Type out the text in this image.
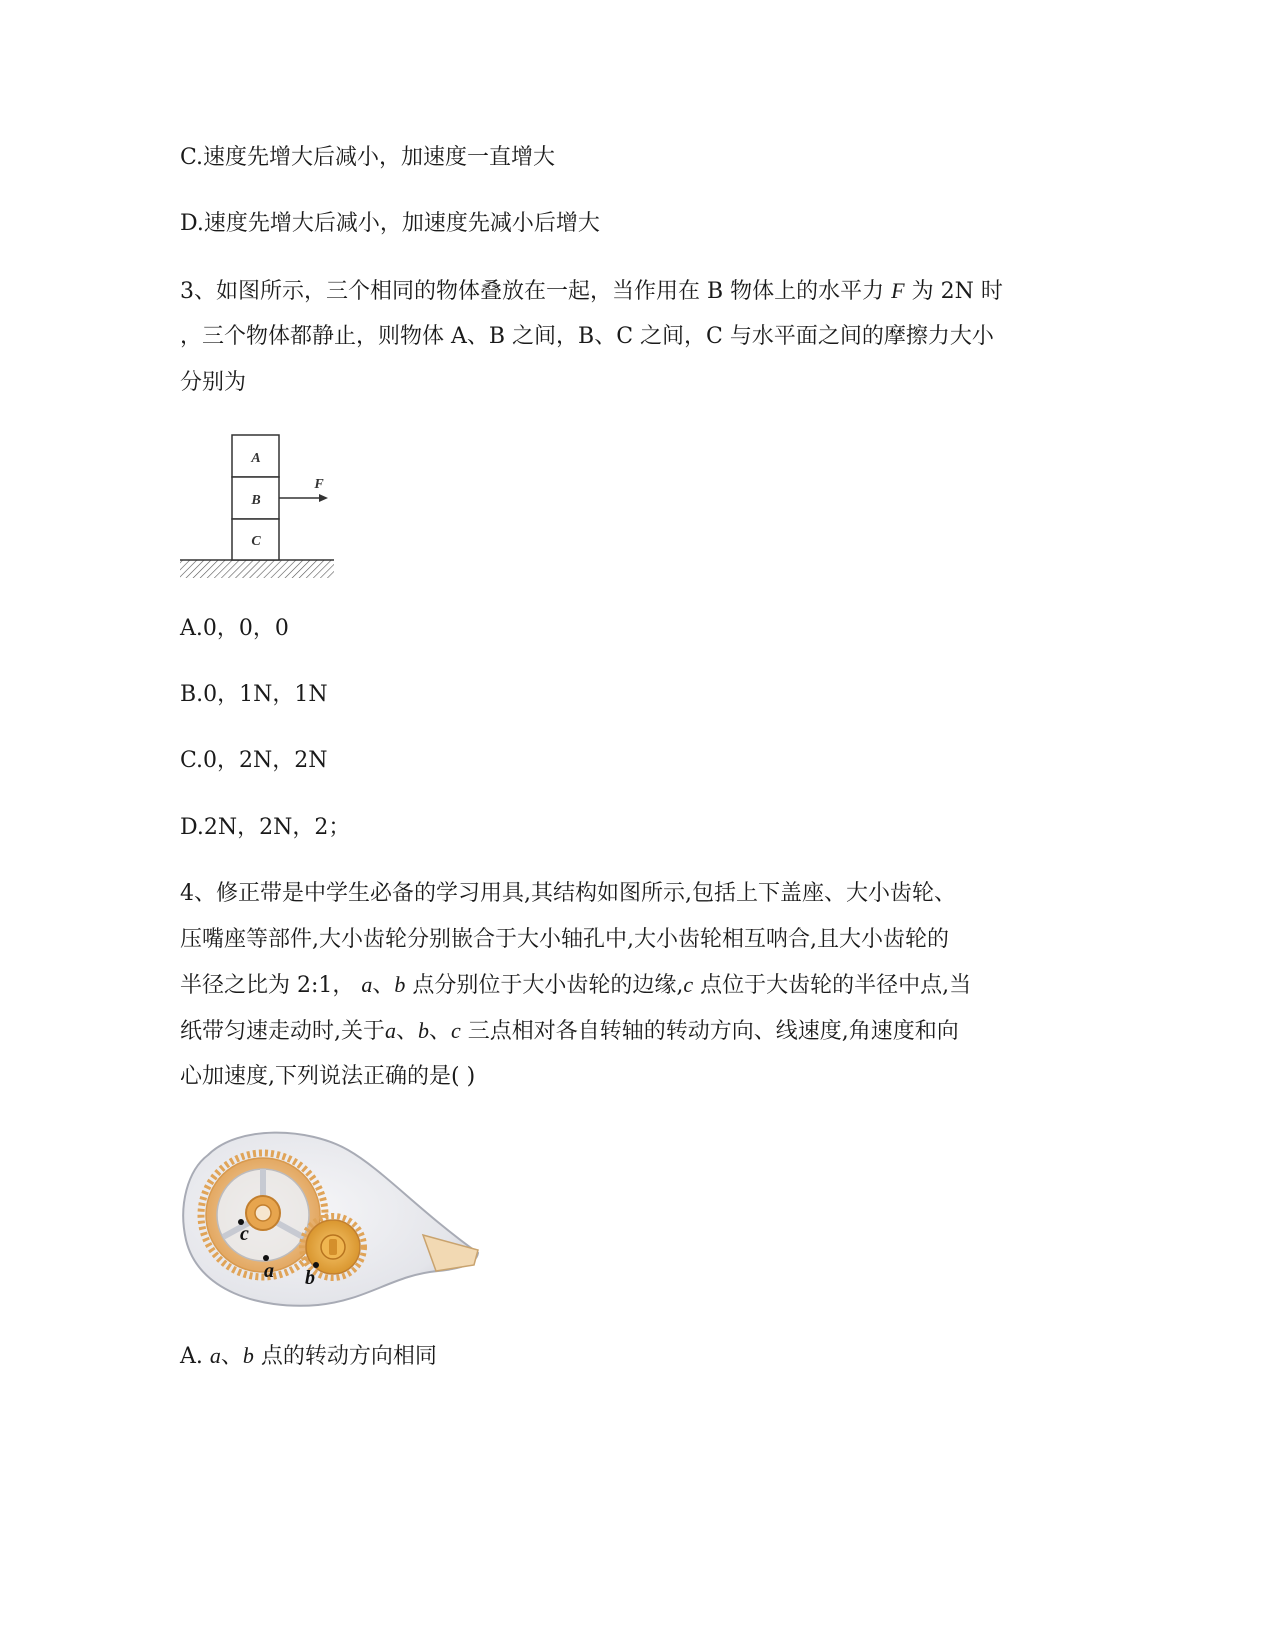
C.速度先增大后减小，加速度一直增大
D.速度先增大后减小，加速度先减小后增大
3、如图所示，三个相同的物体叠放在一起，当作用在 B 物体上的水平力 F 为 2N 时
，三个物体都静止，则物体 A、B 之间，B、C 之间，C 与水平面之间的摩擦力大小
分别为
A
B
C
F
A.0，0，0
B.0，1N，1N
C.0，2N，2N
D.2N，2N，2；
4、修正带是中学生必备的学习用具,其结构如图所示,包括上下盖座、大小齿轮、
压嘴座等部件,大小齿轮分别嵌合于大小轴孔中,大小齿轮相互呐合,且大小齿轮的
半径之比为 2:1， a、b 点分别位于大小齿轮的边缘,c 点位于大齿轮的半径中点,当
纸带匀速走动时,关于a、b、c 三点相对各自转轴的转动方向、线速度,角速度和向
心加速度,下列说法正确的是( )
c
a b
A. a、b 点的转动方向相同
